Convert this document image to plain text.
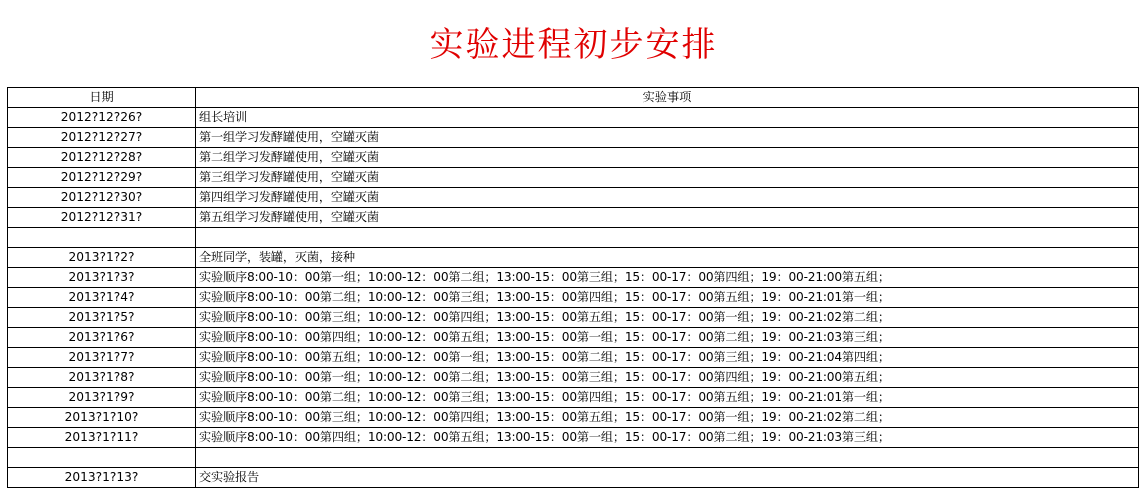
实验进程初步安排
日期	实验事项
2012?12?26?	组长培训
2012?12?27?	第一组学习发酵罐使用，空罐灭菌
2012?12?28?	第二组学习发酵罐使用，空罐灭菌
2012?12?29?	第三组学习发酵罐使用，空罐灭菌
2012?12?30?	第四组学习发酵罐使用，空罐灭菌
2012?12?31?	第五组学习发酵罐使用，空罐灭菌

2013?1?2?	全班同学，装罐，灭菌，接种
2013?1?3?	实验顺序8:00-10：00第一组；10:00-12：00第二组；13:00-15：00第三组；15：00-17：00第四组；19：00-21:00第五组；
2013?1?4?	实验顺序8:00-10：00第二组；10:00-12：00第三组；13:00-15：00第四组；15：00-17：00第五组；19：00-21:01第一组；
2013?1?5?	实验顺序8:00-10：00第三组；10:00-12：00第四组；13:00-15：00第五组；15：00-17：00第一组；19：00-21:02第二组；
2013?1?6?	实验顺序8:00-10：00第四组；10:00-12：00第五组；13:00-15：00第一组；15：00-17：00第二组；19：00-21:03第三组；
2013?1?7?	实验顺序8:00-10：00第五组；10:00-12：00第一组；13:00-15：00第二组；15：00-17：00第三组；19：00-21:04第四组；
2013?1?8?	实验顺序8:00-10：00第一组；10:00-12：00第二组；13:00-15：00第三组；15：00-17：00第四组；19：00-21:00第五组；
2013?1?9?	实验顺序8:00-10：00第二组；10:00-12：00第三组；13:00-15：00第四组；15：00-17：00第五组；19：00-21:01第一组；
2013?1?10?	实验顺序8:00-10：00第三组；10:00-12：00第四组；13:00-15：00第五组；15：00-17：00第一组；19：00-21:02第二组；
2013?1?11?	实验顺序8:00-10：00第四组；10:00-12：00第五组；13:00-15：00第一组；15：00-17：00第二组；19：00-21:03第三组；

2013?1?13?	交实验报告
